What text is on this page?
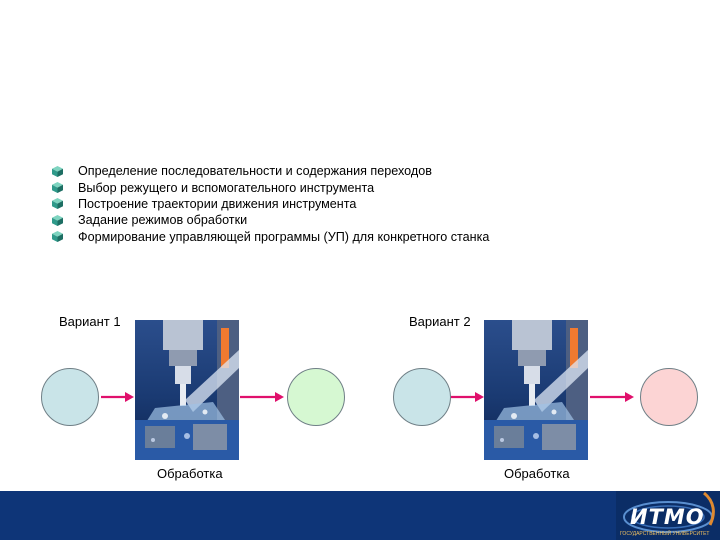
Определение последовательности и содержания переходов
Выбор режущего и вспомогательного инструмента
Построение траектории движения инструмента
Задание режимов обработки
Формирование управляющей программы (УП) для конкретного станка
Вариант 1
Обработка
Вариант 2
Обработка
ИТМО
ГОСУДАРСТВЕННЫЙ УНИВЕРСИТЕТ
